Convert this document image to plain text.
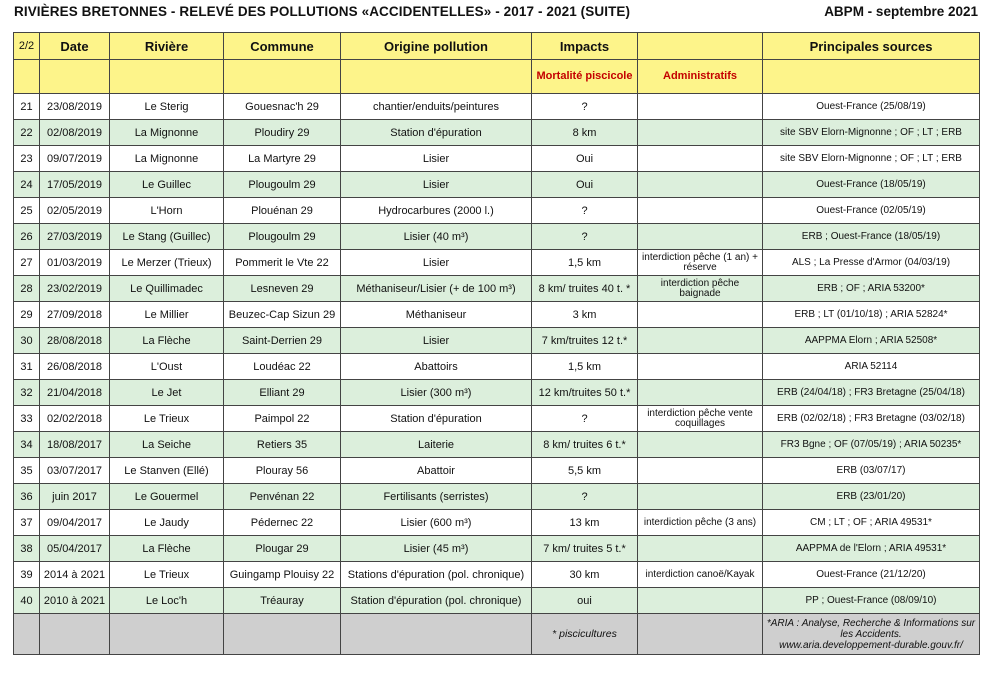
RIVIÈRES BRETONNES - RELEVÉ DES POLLUTIONS «ACCIDENTELLES» - 2017 - 2021 (SUITE)	ABPM - septembre 2021
2/2	Date	Rivière	Commune	Origine pollution	Impacts		Principales sources
					Mortalité piscicole	Administratifs	
21	23/08/2019	Le Sterig	Gouesnac'h 29	chantier/enduits/peintures	?		Ouest-France (25/08/19)
22	02/08/2019	La Mignonne	Ploudiry 29	Station d'épuration	8 km		site SBV Elorn-Mignonne ; OF ; LT ; ERB
23	09/07/2019	La Mignonne	La Martyre 29	Lisier	Oui		site SBV Elorn-Mignonne ; OF ; LT ; ERB
24	17/05/2019	Le Guillec	Plougoulm 29	Lisier	Oui		Ouest-France (18/05/19)
25	02/05/2019	L'Horn	Plouénan 29	Hydrocarbures (2000 l.)	?		Ouest-France (02/05/19)
26	27/03/2019	Le Stang (Guillec)	Plougoulm 29	Lisier (40 m³)	?		ERB ; Ouest-France (18/05/19)
27	01/03/2019	Le Merzer (Trieux)	Pommerit le Vte 22	Lisier	1,5 km	interdiction pêche (1 an) + réserve	ALS ; La Presse d'Armor (04/03/19)
28	23/02/2019	Le Quillimadec	Lesneven 29	Méthaniseur/Lisier (+ de 100 m³)	8 km/ truites 40 t. *	interdiction pêche baignade	ERB ; OF ; ARIA 53200*
29	27/09/2018	Le Millier	Beuzec-Cap Sizun 29	Méthaniseur	3 km		ERB ; LT (01/10/18) ; ARIA 52824*
30	28/08/2018	La Flèche	Saint-Derrien 29	Lisier	7 km/truites 12 t.*		AAPPMA Elorn ; ARIA 52508*
31	26/08/2018	L'Oust	Loudéac 22	Abattoirs	1,5 km		ARIA 52114
32	21/04/2018	Le Jet	Elliant 29	Lisier (300 m³)	12 km/truites 50 t.*		ERB (24/04/18) ; FR3 Bretagne (25/04/18)
33	02/02/2018	Le Trieux	Paimpol 22	Station d'épuration	?	interdiction pêche vente coquillages	ERB (02/02/18) ; FR3 Bretagne (03/02/18)
34	18/08/2017	La Seiche	Retiers 35	Laiterie	8 km/ truites 6 t.*		FR3 Bgne ; OF (07/05/19) ; ARIA 50235*
35	03/07/2017	Le Stanven (Ellé)	Plouray 56	Abattoir	5,5 km		ERB (03/07/17)
36	juin 2017	Le Gouermel	Penvénan 22	Fertilisants (serristes)	?		ERB (23/01/20)
37	09/04/2017	Le Jaudy	Pédernec 22	Lisier (600 m³)	13 km	interdiction pêche (3 ans)	CM ; LT ; OF ; ARIA 49531*
38	05/04/2017	La Flèche	Plougar 29	Lisier (45 m³)	7 km/ truites 5 t.*		AAPPMA de l'Elorn ; ARIA 49531*
39	2014 à 2021	Le Trieux	Guingamp Plouisy 22	Stations d'épuration (pol. chronique)	30 km	interdiction canoë/Kayak	Ouest-France (21/12/20)
40	2010 à 2021	Le Loc'h	Tréauray	Station d'épuration (pol. chronique)	oui		PP ; Ouest-France (08/09/10)
					* piscicultures		*ARIA : Analyse, Recherche & Informations sur les Accidents.
www.aria.developpement-durable.gouv.fr/
